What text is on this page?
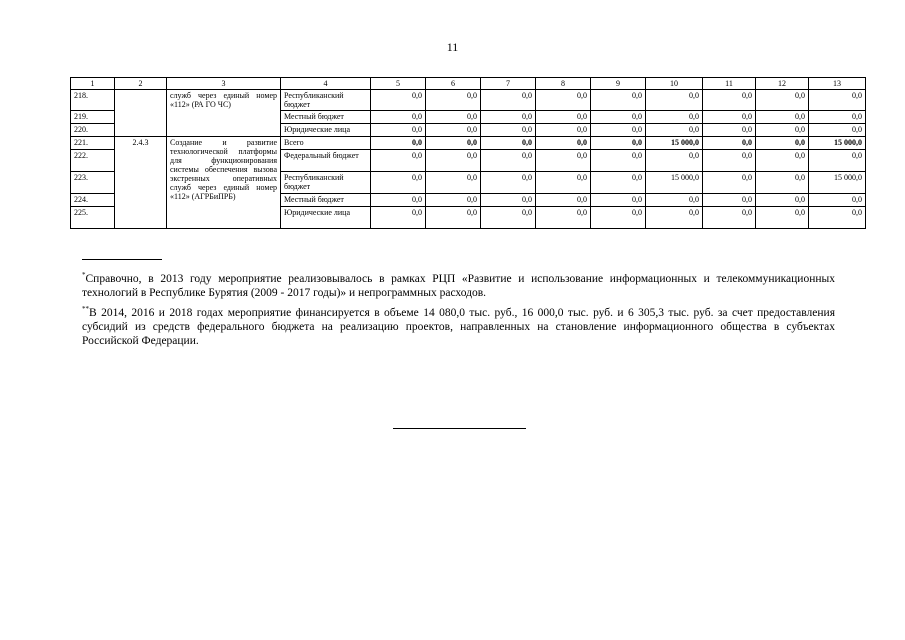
11
1	2	3	4	5	6	7	8	9	10	11	12	13
218.		служб через единый номер «112» (РА ГО ЧС)	Республиканский бюджет	0,0	0,0	0,0	0,0	0,0	0,0	0,0	0,0	0,0
219.			Местный бюджет	0,0	0,0	0,0	0,0	0,0	0,0	0,0	0,0	0,0
220.			Юридические лица	0,0	0,0	0,0	0,0	0,0	0,0	0,0	0,0	0,0
221.	2.4.3	Создание и развитие технологической платформы для функционирования системы обеспечения вызова экстренных оперативных служб через единый номер «112» (АГРБиПРБ)	Всего	0,0	0,0	0,0	0,0	0,0	15 000,0	0,0	0,0	15 000,0
222.			Федеральный бюджет	0,0	0,0	0,0	0,0	0,0	0,0	0,0	0,0	0,0
223.			Республиканский бюджет	0,0	0,0	0,0	0,0	0,0	15 000,0	0,0	0,0	15 000,0
224.			Местный бюджет	0,0	0,0	0,0	0,0	0,0	0,0	0,0	0,0	0,0
225.			Юридические лица	0,0	0,0	0,0	0,0	0,0	0,0	0,0	0,0	0,0

*Справочно, в 2013 году мероприятие реализовывалось в рамках РЦП «Развитие и использование информационных и телекоммуникационных технологий в Республике Бурятия (2009 - 2017 годы)» и непрограммных расходов.

**В 2014, 2016 и 2018 годах мероприятие финансируется в объеме 14 080,0 тыс. руб., 16 000,0 тыс. руб. и 6 305,3 тыс. руб. за счет предоставления субсидий из средств федерального бюджета на реализацию проектов, направленных на становление информационного общества в субъектах Российской Федерации.
